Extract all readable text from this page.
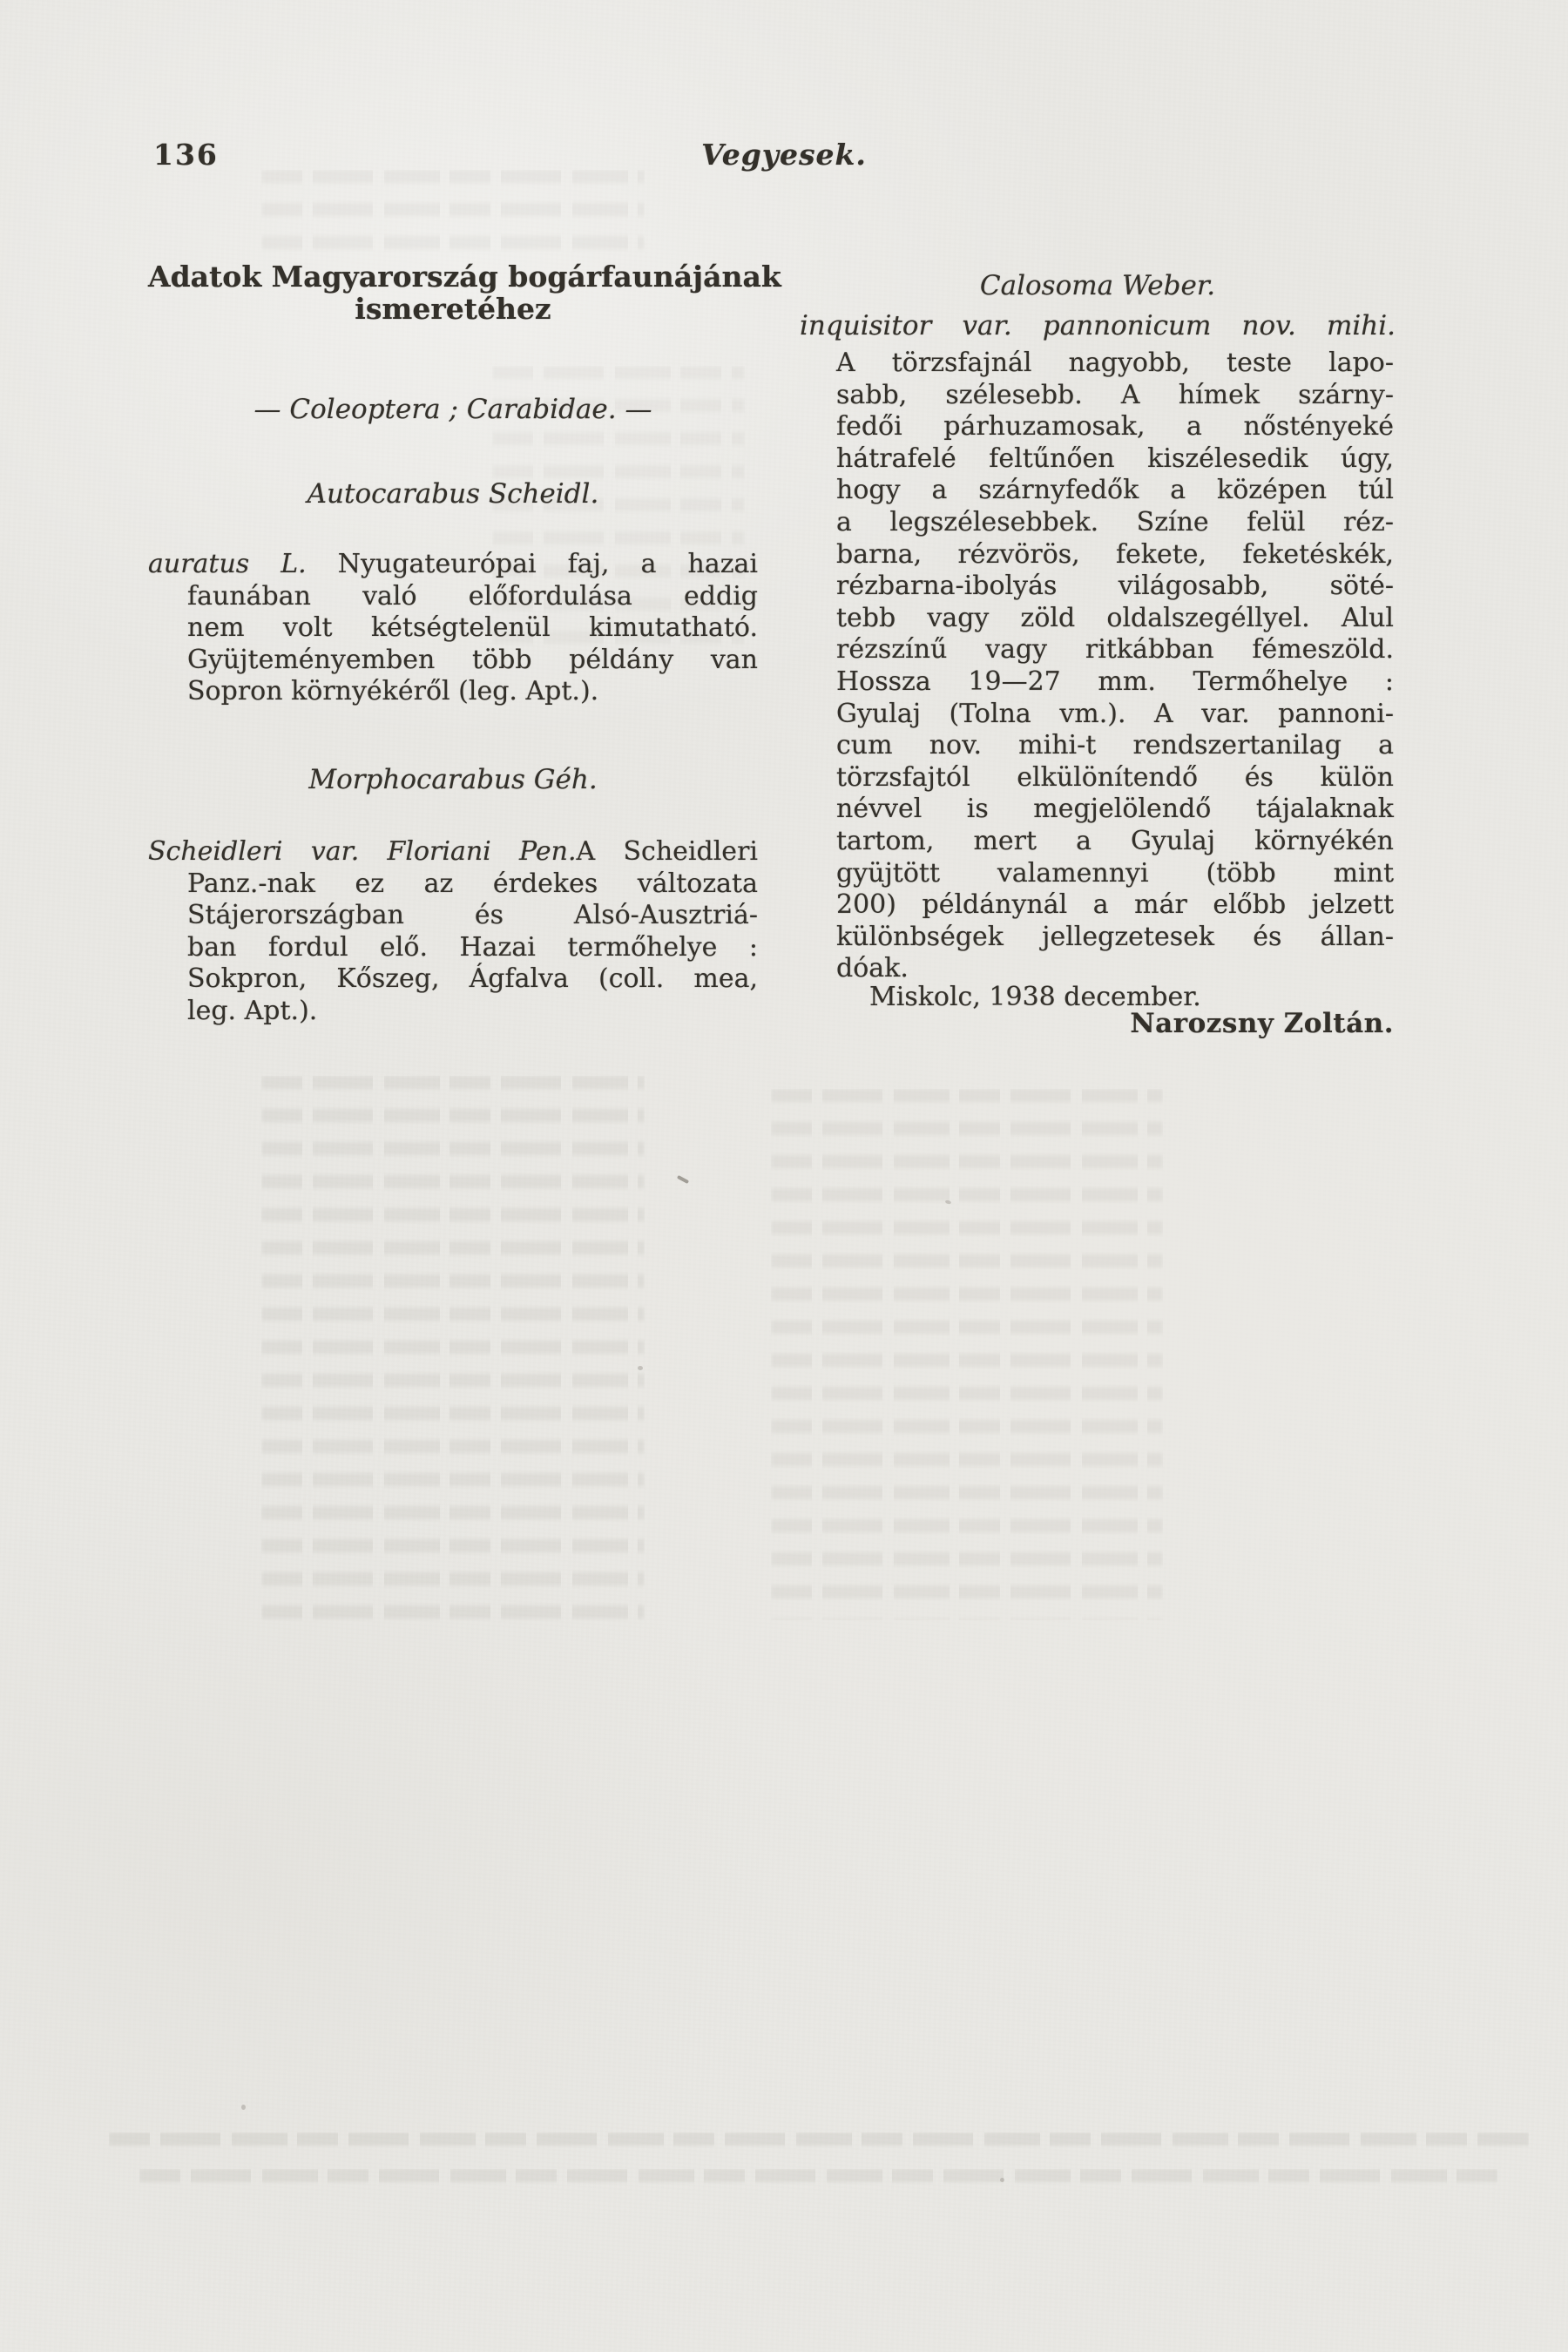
136	Vegyesek.
Adatok Magyarország bogárfaunájának
ismeretéhez
— Coleoptera ; Carabidae. —
Autocarabus Scheidl.
auratus L. Nyugateurópai faj, a hazai
faunában való előfordulása eddig
nem volt kétségtelenül kimutatható.
Gyüjteményemben több példány van
Sopron környékéről (leg. Apt.).
Morphocarabus Géh.
Scheidleri var. Floriani Pen.A Scheidleri
Panz.-nak ez az érdekes változata
Stájerországban és Alsó-Ausztriá-
ban fordul elő. Hazai termőhelye :
Sokpron, Kőszeg, Ágfalva (coll. mea,
leg. Apt.).
Calosoma Weber.
inquisitor var. pannonicum nov. mihi.
A törzsfajnál nagyobb, teste lapo-
sabb, szélesebb. A hímek szárny-
fedői párhuzamosak, a nőstényeké
hátrafelé feltűnően kiszélesedik úgy,
hogy a szárnyfedők a középen túl
a legszélesebbek. Színe felül réz-
barna, rézvörös, fekete, feketéskék,
rézbarna-ibolyás világosabb, söté-
tebb vagy zöld oldalszegéllyel. Alul
rézszínű vagy ritkábban fémeszöld.
Hossza 19—27 mm. Termőhelye :
Gyulaj (Tolna vm.). A var. pannoni-
cum nov. mihi-t rendszertanilag a
törzsfajtól elkülönítendő és külön
névvel is megjelölendő tájalaknak
tartom, mert a Gyulaj környékén
gyüjtött valamennyi (több mint
200) példánynál a már előbb jelzett
különbségek jellegzetesek és állan-
dóak.
Miskolc, 1938 december.
Narozsny Zoltán.
